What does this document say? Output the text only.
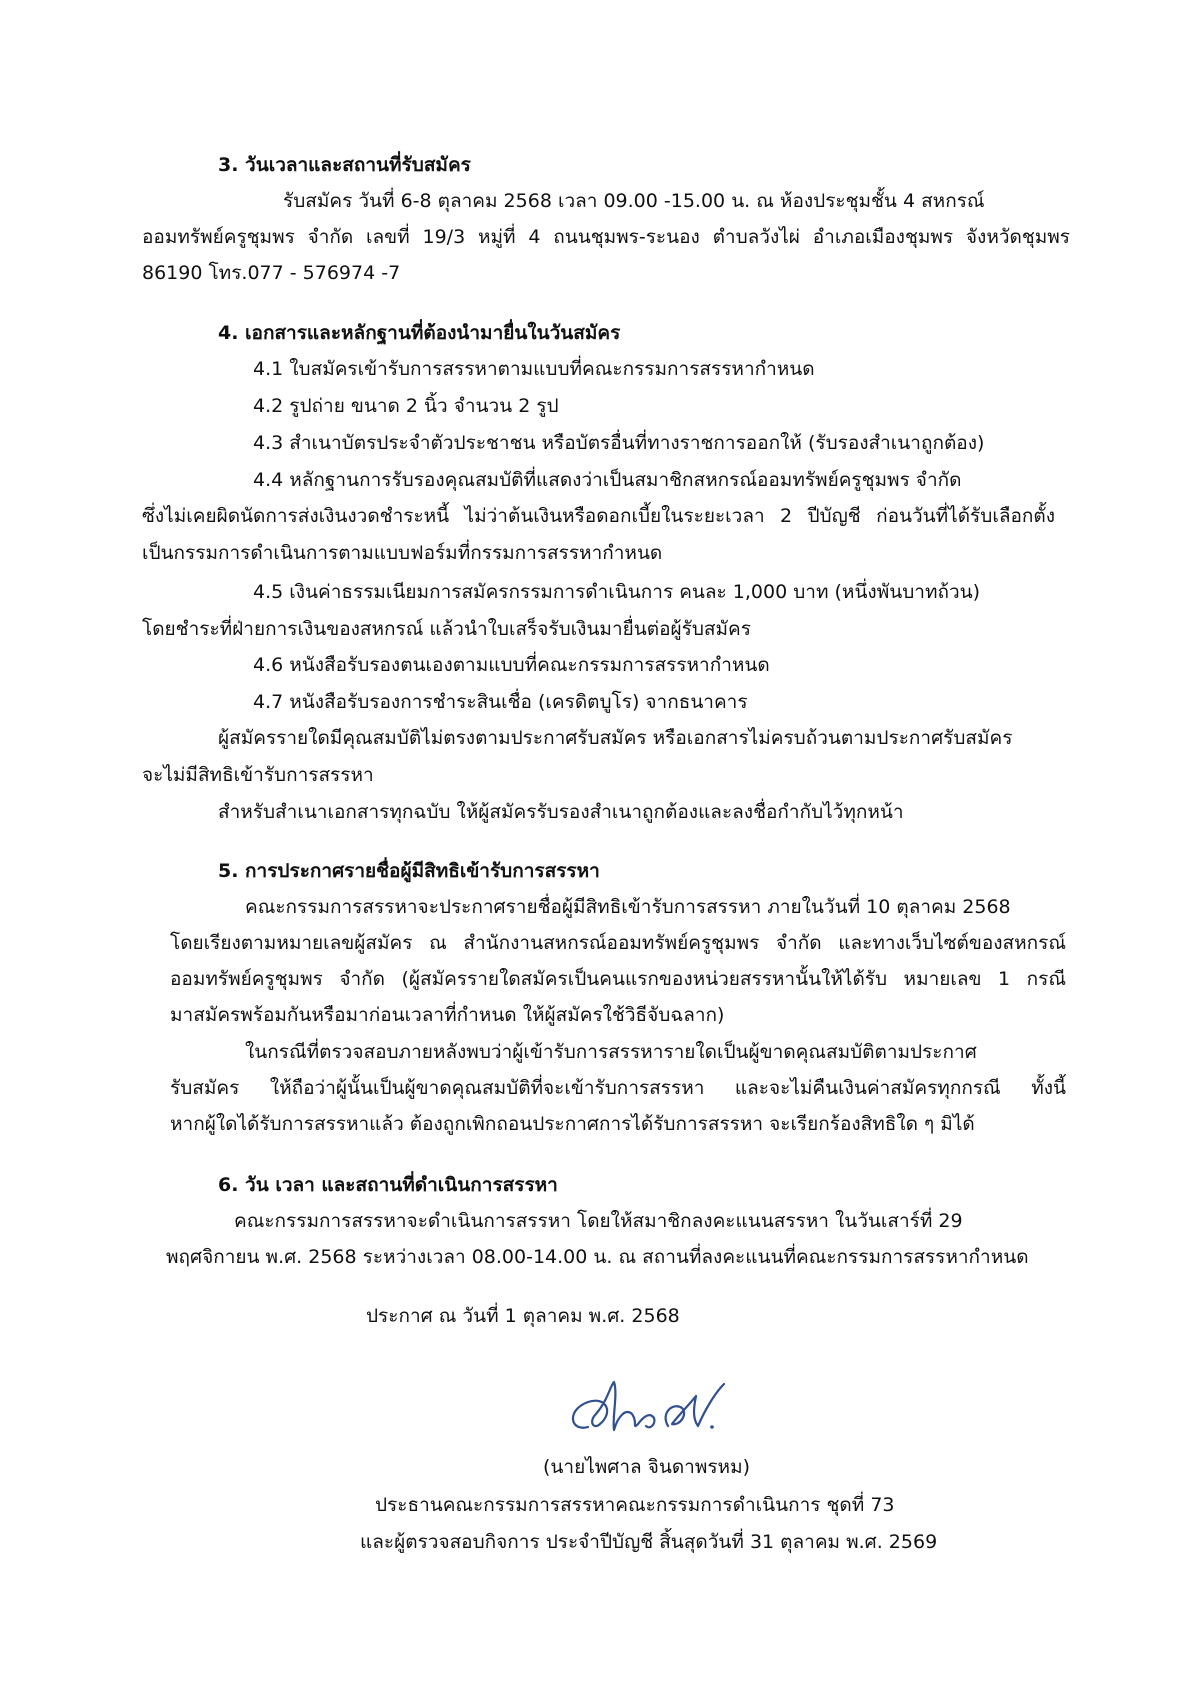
3. วันเวลาและสถานที่รับสมัคร
รับสมัคร วันที่ 6-8 ตุลาคม 2568 เวลา 09.00 -15.00 น. ณ ห้องประชุมชั้น 4 สหกรณ์
ออมทรัพย์ครูชุมพร จำกัด เลขที่ 19/3 หมู่ที่ 4 ถนนชุมพร-ระนอง ตำบลวังไผ่ อำเภอเมืองชุมพร จังหวัดชุมพร
86190 โทร.077 - 576974 -7
4. เอกสารและหลักฐานที่ต้องนำมายื่นในวันสมัคร
4.1 ใบสมัครเข้ารับการสรรหาตามแบบที่คณะกรรมการสรรหากำหนด
4.2 รูปถ่าย ขนาด 2 นิ้ว จำนวน 2 รูป
4.3 สำเนาบัตรประจำตัวประชาชน หรือบัตรอื่นที่ทางราชการออกให้ (รับรองสำเนาถูกต้อง)
4.4 หลักฐานการรับรองคุณสมบัติที่แสดงว่าเป็นสมาชิกสหกรณ์ออมทรัพย์ครูชุมพร จำกัด
ซึ่งไม่เคยผิดนัดการส่งเงินงวดชำระหนี้ ไม่ว่าต้นเงินหรือดอกเบี้ยในระยะเวลา 2 ปีบัญชี ก่อนวันที่ได้รับเลือกตั้ง
เป็นกรรมการดำเนินการตามแบบฟอร์มที่กรรมการสรรหากำหนด
4.5 เงินค่าธรรมเนียมการสมัครกรรมการดำเนินการ คนละ 1,000 บาท (หนึ่งพันบาทถ้วน)
โดยชำระที่ฝ่ายการเงินของสหกรณ์ แล้วนำใบเสร็จรับเงินมายื่นต่อผู้รับสมัคร
4.6 หนังสือรับรองตนเองตามแบบที่คณะกรรมการสรรหากำหนด
4.7 หนังสือรับรองการชำระสินเชื่อ (เครดิตบูโร) จากธนาคาร
ผู้สมัครรายใดมีคุณสมบัติไม่ตรงตามประกาศรับสมัคร หรือเอกสารไม่ครบถ้วนตามประกาศรับสมัคร
จะไม่มีสิทธิเข้ารับการสรรหา
สำหรับสำเนาเอกสารทุกฉบับ ให้ผู้สมัครรับรองสำเนาถูกต้องและลงชื่อกำกับไว้ทุกหน้า
5. การประกาศรายชื่อผู้มีสิทธิเข้ารับการสรรหา
คณะกรรมการสรรหาจะประกาศรายชื่อผู้มีสิทธิเข้ารับการสรรหา ภายในวันที่ 10 ตุลาคม 2568
โดยเรียงตามหมายเลขผู้สมัคร ณ สำนักงานสหกรณ์ออมทรัพย์ครูชุมพร จำกัด และทางเว็บไซต์ของสหกรณ์
ออมทรัพย์ครูชุมพร จำกัด (ผู้สมัครรายใดสมัครเป็นคนแรกของหน่วยสรรหานั้นให้ได้รับ หมายเลข 1 กรณี
มาสมัครพร้อมกันหรือมาก่อนเวลาที่กำหนด ให้ผู้สมัครใช้วิธีจับฉลาก)
ในกรณีที่ตรวจสอบภายหลังพบว่าผู้เข้ารับการสรรหารายใดเป็นผู้ขาดคุณสมบัติตามประกาศ
รับสมัคร ให้ถือว่าผู้นั้นเป็นผู้ขาดคุณสมบัติที่จะเข้ารับการสรรหา และจะไม่คืนเงินค่าสมัครทุกกรณี ทั้งนี้
หากผู้ใดได้รับการสรรหาแล้ว ต้องถูกเพิกถอนประกาศการได้รับการสรรหา จะเรียกร้องสิทธิใด ๆ มิได้
6. วัน เวลา และสถานที่ดำเนินการสรรหา
คณะกรรมการสรรหาจะดำเนินการสรรหา โดยให้สมาชิกลงคะแนนสรรหา ในวันเสาร์ที่ 29
พฤศจิกายน พ.ศ. 2568 ระหว่างเวลา 08.00-14.00 น. ณ สถานที่ลงคะแนนที่คณะกรรมการสรรหากำหนด
ประกาศ ณ วันที่ 1 ตุลาคม พ.ศ. 2568
(นายไพศาล จินดาพรหม)
ประธานคณะกรรมการสรรหาคณะกรรมการดำเนินการ ชุดที่ 73
และผู้ตรวจสอบกิจการ ประจำปีบัญชี สิ้นสุดวันที่ 31 ตุลาคม พ.ศ. 2569
